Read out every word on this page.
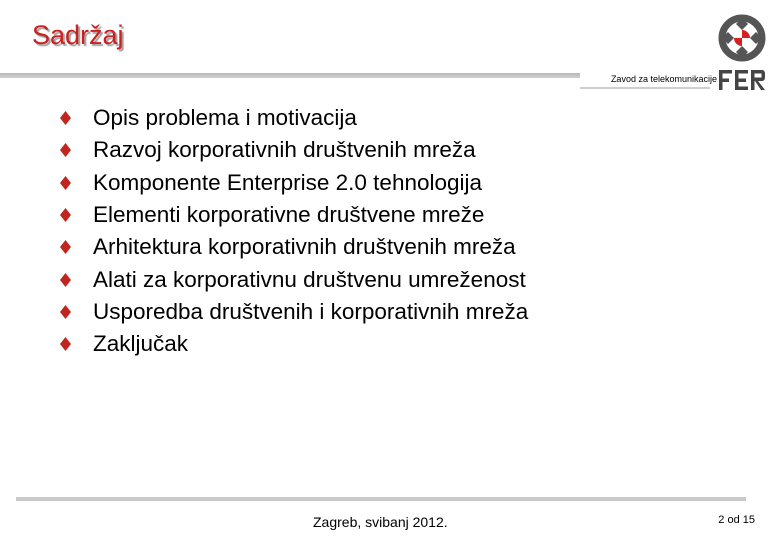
Sadržaj
Zavod za telekomunikacije
Opis problema i motivacija
Razvoj korporativnih društvenih mreža
Komponente Enterprise 2.0 tehnologija
Elementi korporativne društvene mreže
Arhitektura korporativnih društvenih mreža
Alati za korporativnu društvenu umreženost
Usporedba društvenih i korporativnih mreža
Zaključak
Zagreb, svibanj 2012.	2 od 15
